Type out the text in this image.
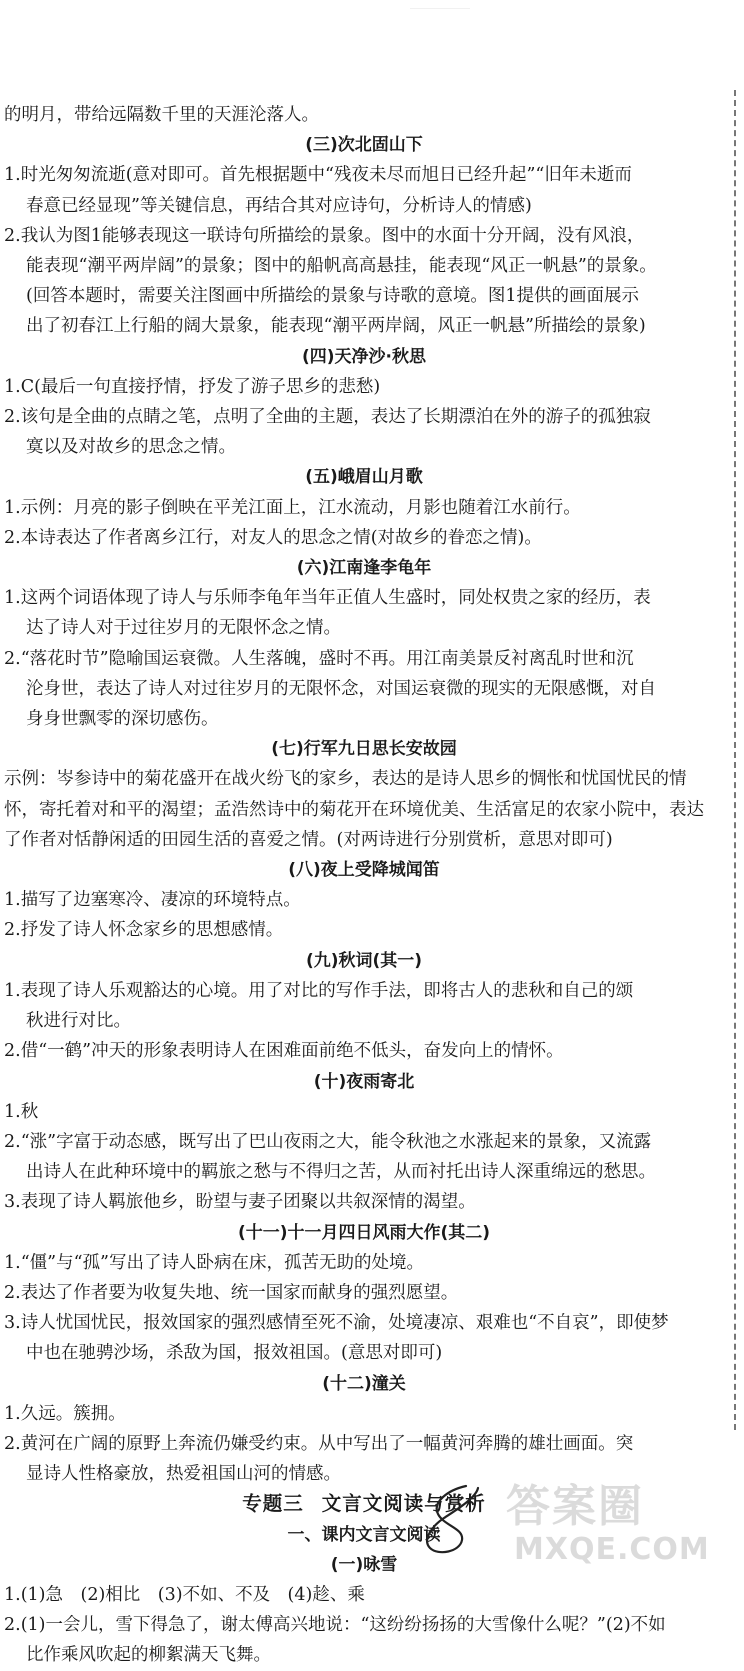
的明月，带给远隔数千里的天涯沦落人。
(三)次北固山下
1.时光匆匆流逝(意对即可。首先根据题中“残夜未尽而旭日已经升起”“旧年未逝而
春意已经显现”等关键信息，再结合其对应诗句，分析诗人的情感)
2.我认为图1能够表现这一联诗句所描绘的景象。图中的水面十分开阔，没有风浪，
能表现“潮平两岸阔”的景象；图中的船帆高高悬挂，能表现“风正一帆悬”的景象。
(回答本题时，需要关注图画中所描绘的景象与诗歌的意境。图1提供的画面展示
出了初春江上行船的阔大景象，能表现“潮平两岸阔，风正一帆悬”所描绘的景象)
(四)天净沙·秋思
1.C(最后一句直接抒情，抒发了游子思乡的悲愁)
2.该句是全曲的点睛之笔，点明了全曲的主题，表达了长期漂泊在外的游子的孤独寂
寞以及对故乡的思念之情。
(五)峨眉山月歌
1.示例：月亮的影子倒映在平羌江面上，江水流动，月影也随着江水前行。
2.本诗表达了作者离乡江行，对友人的思念之情(对故乡的眷恋之情)。
(六)江南逢李龟年
1.这两个词语体现了诗人与乐师李龟年当年正值人生盛时，同处权贵之家的经历，表
达了诗人对于过往岁月的无限怀念之情。
2.“落花时节”隐喻国运衰微。人生落魄，盛时不再。用江南美景反衬离乱时世和沉
沦身世，表达了诗人对过往岁月的无限怀念，对国运衰微的现实的无限感慨，对自
身身世飘零的深切感伤。
(七)行军九日思长安故园
示例：岑参诗中的菊花盛开在战火纷飞的家乡，表达的是诗人思乡的惆怅和忧国忧民的情
怀，寄托着对和平的渴望；孟浩然诗中的菊花开在环境优美、生活富足的农家小院中，表达
了作者对恬静闲适的田园生活的喜爱之情。(对两诗进行分别赏析，意思对即可)
(八)夜上受降城闻笛
1.描写了边塞寒冷、凄凉的环境特点。
2.抒发了诗人怀念家乡的思想感情。
(九)秋词(其一)
1.表现了诗人乐观豁达的心境。用了对比的写作手法，即将古人的悲秋和自己的颂
秋进行对比。
2.借“一鹤”冲天的形象表明诗人在困难面前绝不低头，奋发向上的情怀。
(十)夜雨寄北
1.秋
2.“涨”字富于动态感，既写出了巴山夜雨之大，能令秋池之水涨起来的景象，又流露
出诗人在此种环境中的羁旅之愁与不得归之苦，从而衬托出诗人深重绵远的愁思。
3.表现了诗人羁旅他乡，盼望与妻子团聚以共叙深情的渴望。
(十一)十一月四日风雨大作(其二)
1.“僵”与“孤”写出了诗人卧病在床，孤苦无助的处境。
2.表达了作者要为收复失地、统一国家而献身的强烈愿望。
3.诗人忧国忧民，报效国家的强烈感情至死不渝，处境凄凉、艰难也“不自哀”，即使梦
中也在驰骋沙场，杀敌为国，报效祖国。(意思对即可)
(十二)潼关
1.久远。簇拥。
2.黄河在广阔的原野上奔流仍嫌受约束。从中写出了一幅黄河奔腾的雄壮画面。突
显诗人性格豪放，热爱祖国山河的情感。
专题三 文言文阅读与赏析
一、课内文言文阅读
(一)咏雪
1.(1)急　(2)相比　(3)不如、不及　(4)趁、乘
2.(1)一会儿，雪下得急了，谢太傅高兴地说：“这纷纷扬扬的大雪像什么呢？”(2)不如
比作乘风吹起的柳絮满天飞舞。
答案圈
MXQE.COM
